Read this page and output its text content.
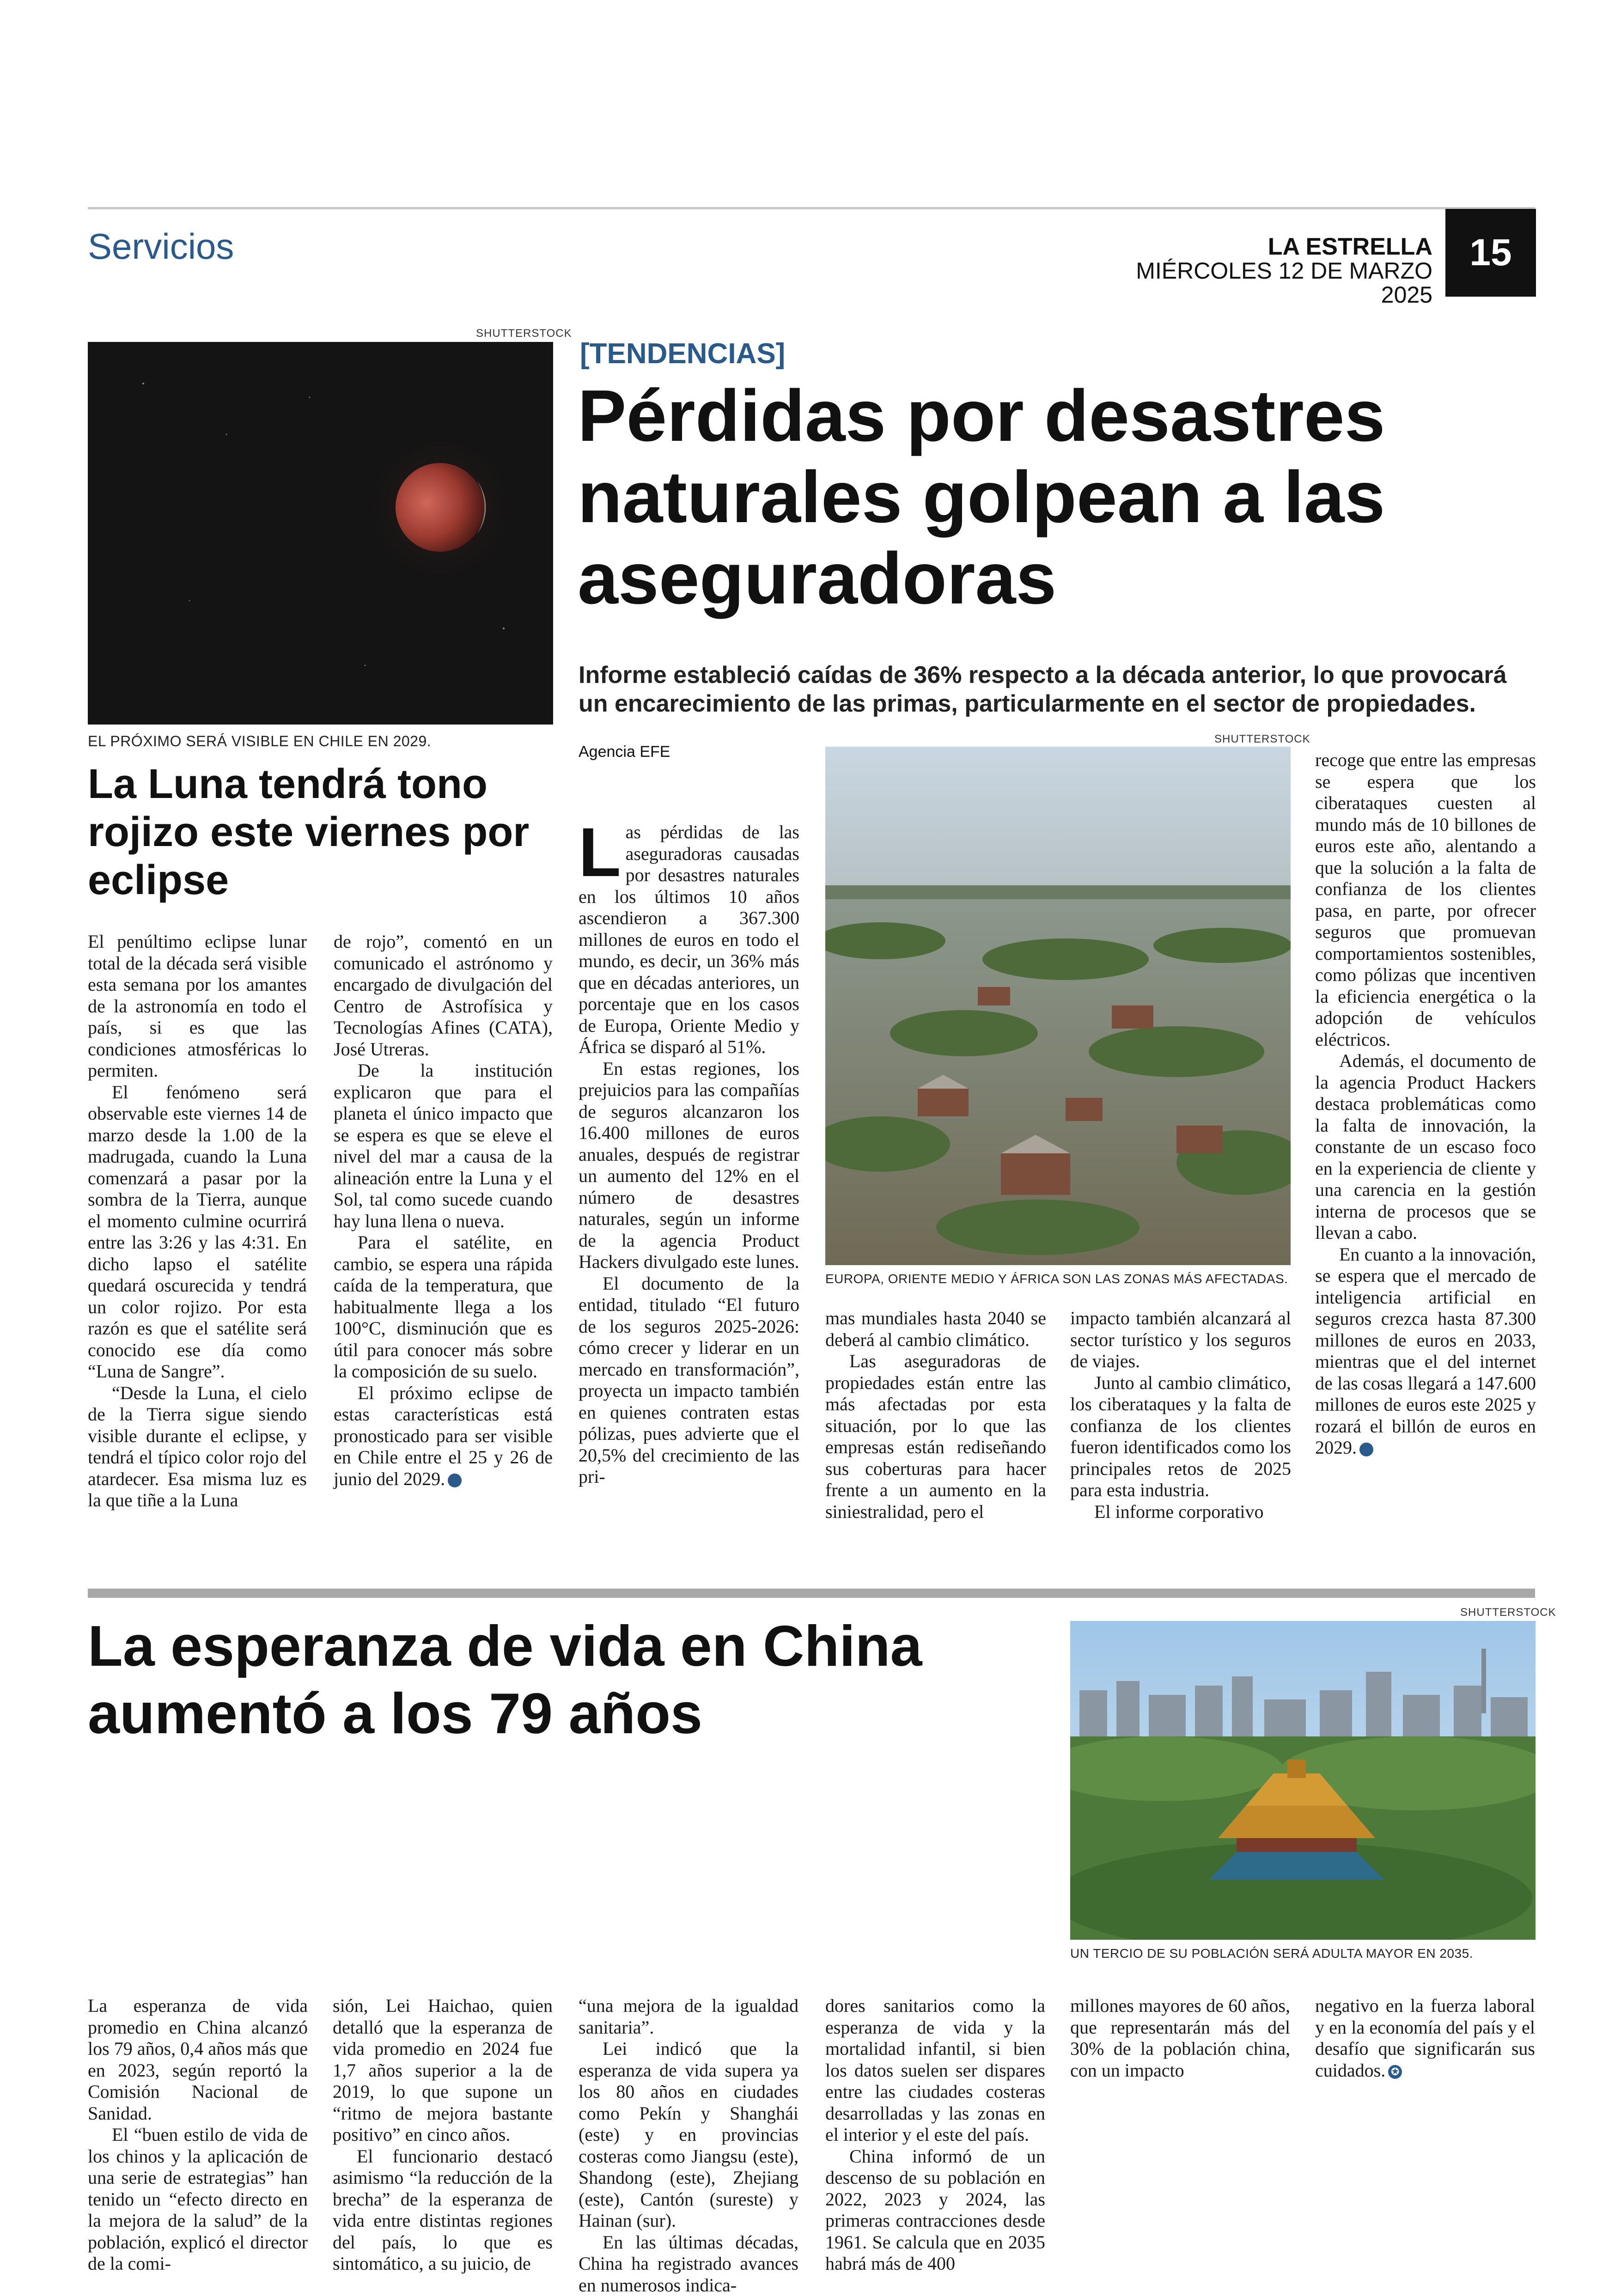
Servicios	LA ESTRELLA
MIÉRCOLES 12 DE MARZO 2025
15
SHUTTERSTOCK
EL PRÓXIMO SERÁ VISIBLE EN CHILE EN 2029.
La Luna tendrá tono rojizo este viernes por eclipse

El penúltimo eclipse lunar total de la década será visible esta semana por los amantes de la astronomía en todo el país, si es que las condiciones atmosféricas lo permiten.

El fenómeno será observable este viernes 14 de marzo desde la 1.00 de la madrugada, cuando la Luna comenzará a pasar por la sombra de la Tierra, aunque el momento culmine ocurrirá entre las 3:26 y las 4:31. En dicho lapso el satélite quedará oscurecida y tendrá un color rojizo. Por esta razón es que el satélite será conocido ese día como “Luna de Sangre”.

“Desde la Luna, el cielo de la Tierra sigue siendo visible durante el eclipse, y tendrá el típico color rojo del atardecer. Esa misma luz es la que tiñe a la Luna

de rojo”, comentó en un comunicado el astrónomo y encargado de divulgación del Centro de Astrofísica y Tecnologías Afines (CATA), José Utreras.

De la institución explicaron que para el planeta el único impacto que se espera es que se eleve el nivel del mar a causa de la alineación entre la Luna y el Sol, tal como sucede cuando hay luna llena o nueva.

Para el satélite, en cambio, se espera una rápida caída de la temperatura, que habitualmente llega a los 100°C, disminución que es útil para conocer más sobre la composición de su suelo.

El próximo eclipse de estas características está pronosticado para ser visible en Chile entre el 25 y 26 de junio del 2029.	✪

[TENDENCIAS]
Pérdidas por desastres naturales golpean a las aseguradoras
Informe estableció caídas de 36% respecto a la década anterior, lo que provocará un encarecimiento de las primas, particularmente en el sector de propiedades.
Agencia EFE
SHUTTERSTOCK
EUROPA, ORIENTE MEDIO Y ÁFRICA SON LAS ZONAS MÁS AFECTADAS.

Las pérdidas de las aseguradoras causadas por desastres naturales en los últimos 10 años ascendieron a 367.300 millones de euros en todo el mundo, es decir, un 36% más que en décadas anteriores, un porcentaje que en los casos de Europa, Oriente Medio y África se disparó al 51%.

En estas regiones, los prejuicios para las compañías de seguros alcanzaron los 16.400 millones de euros anuales, después de registrar un aumento del 12% en el número de desastres naturales, según un informe de la agencia Product Hackers divulgado este lunes.

El documento de la entidad, titulado “El futuro de los seguros 2025-2026: cómo crecer y liderar en un mercado en transformación”, proyecta un impacto también en quienes contraten estas pólizas, pues advierte que el 20,5% del crecimiento de las pri-

mas mundiales hasta 2040 se deberá al cambio climático.

Las aseguradoras de propiedades están entre las más afectadas por esta situación, por lo que las empresas están rediseñando sus coberturas para hacer frente a un aumento en la siniestralidad, pero el

impacto también alcanzará al sector turístico y los seguros de viajes.

Junto al cambio climático, los ciberataques y la falta de confianza de los clientes fueron identificados como los principales retos de 2025 para esta industria.

El informe corporativo

recoge que entre las empresas se espera que los ciberataques cuesten al mundo más de 10 billones de euros este año, alentando a que la solución a la falta de confianza de los clientes pasa, en parte, por ofrecer seguros que promuevan comportamientos sostenibles, como pólizas que incentiven la eficiencia energética o la adopción de vehículos eléctricos.

Además, el documento de la agencia Product Hackers destaca problemáticas como la falta de innovación, la constante de un escaso foco en la experiencia de cliente y una carencia en la gestión interna de procesos que se llevan a cabo.

En cuanto a la innovación, se espera que el mercado de inteligencia artificial en seguros crezca hasta 87.300 millones de euros en 2033, mientras que el del internet de las cosas llegará a 147.600 millones de euros este 2025 y rozará el billón de euros en 2029.	✪

La esperanza de vida en China aumentó a los 79 años
SHUTTERSTOCK
UN TERCIO DE SU POBLACIÓN SERÁ ADULTA MAYOR EN 2035.

La esperanza de vida promedio en China alcanzó los 79 años, 0,4 años más que en 2023, según reportó la Comisión Nacional de Sanidad.

El “buen estilo de vida de los chinos y la aplicación de una serie de estrategias” han tenido un “efecto directo en la mejora de la salud” de la población, explicó el director de la comi-

sión, Lei Haichao, quien detalló que la esperanza de vida promedio en 2024 fue 1,7 años superior a la de 2019, lo que supone un “ritmo de mejora bastante positivo” en cinco años.

El funcionario destacó asimismo “la reducción de la brecha” de la esperanza de vida entre distintas regiones del país, lo que es sintomático, a su juicio, de

“una mejora de la igualdad sanitaria”.

Lei indicó que la esperanza de vida supera ya los 80 años en ciudades como Pekín y Shanghái (este) y en provincias costeras como Jiangsu (este), Shandong (este), Zhejiang (este), Cantón (sureste) y Hainan (sur).

En las últimas décadas, China ha registrado avances en numerosos indica-

dores sanitarios como la esperanza de vida y la mortalidad infantil, si bien los datos suelen ser dispares entre las ciudades costeras desarrolladas y las zonas en el interior y el este del país.

China informó de un descenso de su población en 2022, 2023 y 2024, las primeras contracciones desde 1961. Se calcula que en 2035 habrá más de 400

millones mayores de 60 años, que representarán más del 30% de la población china, con un impacto

negativo en la fuerza laboral y en la economía del país y el desafío que significarán sus cuidados. ✪
